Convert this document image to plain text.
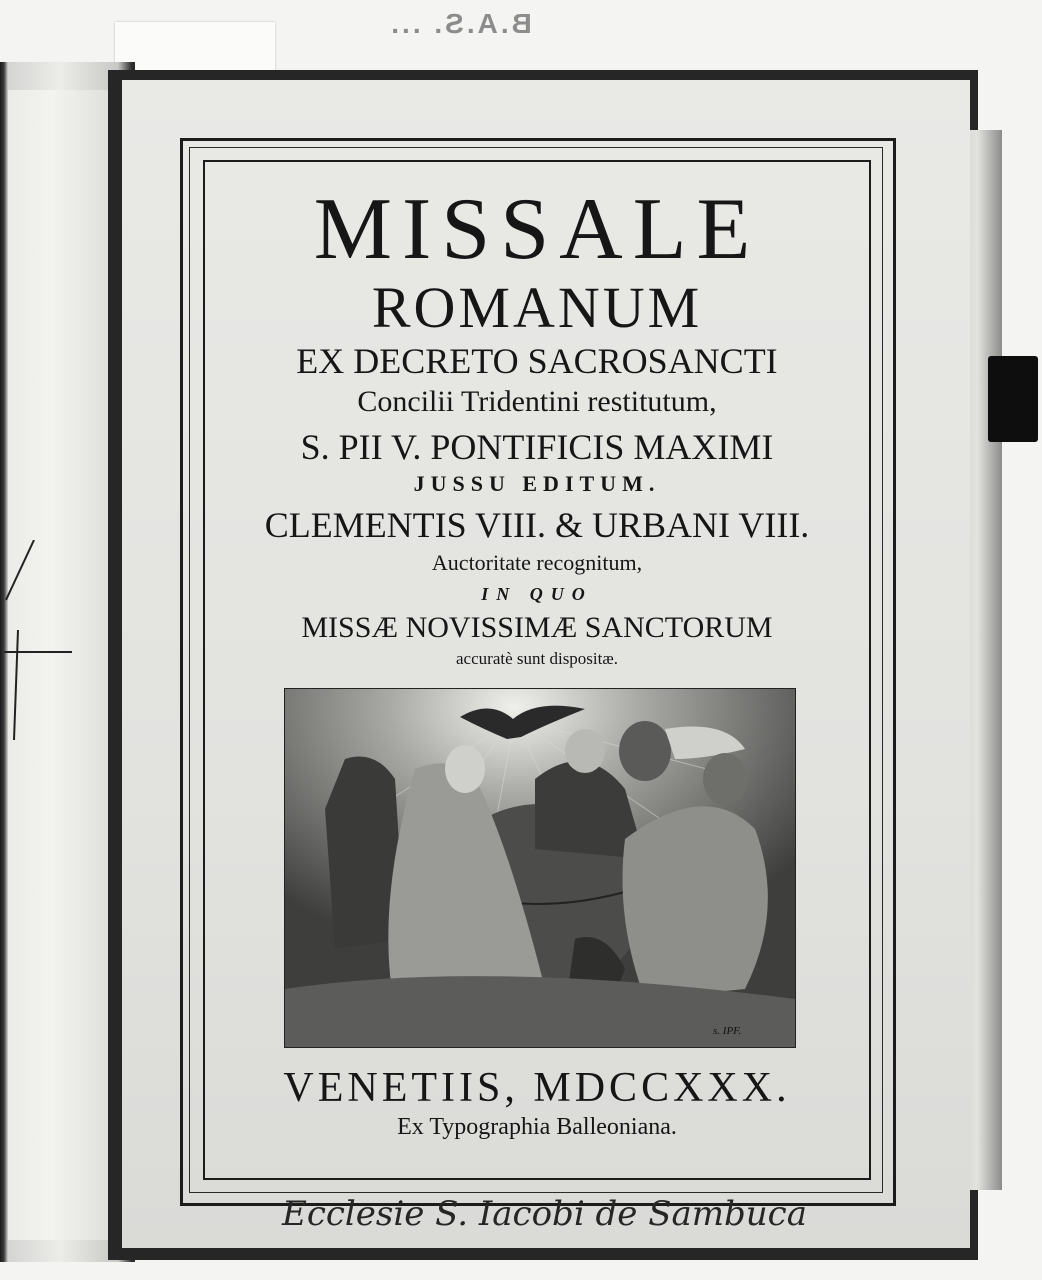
B.A.S. ...
MISSALE
ROMANUM
EX DECRETO SACROSANCTI
Concilii Tridentini restitutum,
S. PII V. PONTIFICIS MAXIMI
JUSSU EDITUM.
CLEMENTIS VIII. & URBANI VIII.
Auctoritate recognitum,
IN QUO
MISSÆ NOVISSIMÆ SANCTORUM
accuratè sunt dispositæ.
s. IPF.
VENETIIS, MDCCXXX.
Ex Typographia Balleoniana.
Ecclesie S. Iacobi de Sambuca
